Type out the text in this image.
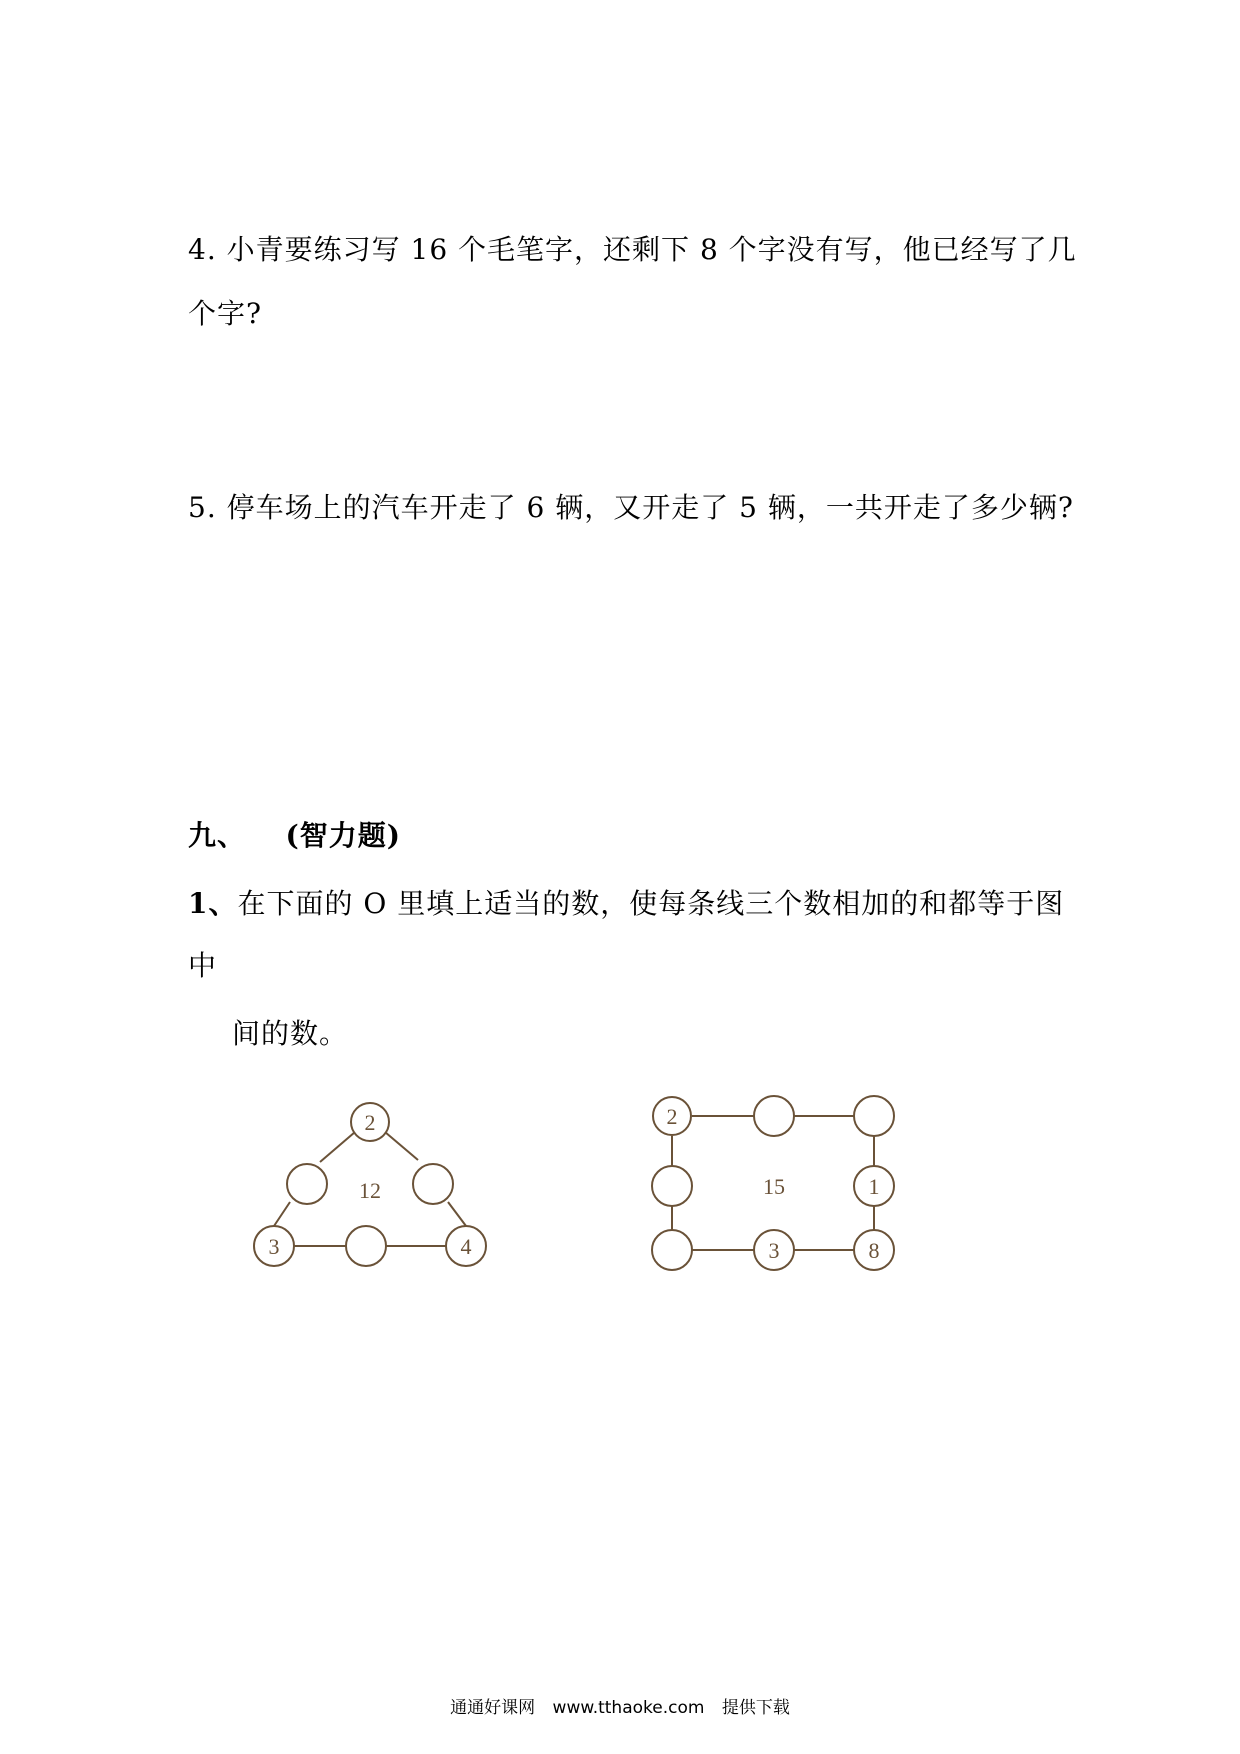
4. 小青要练习写 16 个毛笔字，还剩下 8 个字没有写，他已经写了几
个字?
5. 停车场上的汽车开走了 6 辆，又开走了 5 辆，一共开走了多少辆?
九、 (智力题)
1、在下面的 O 里填上适当的数，使每条线三个数相加的和都等于图
中
间的数。
2
12
3	4
2
15	1
3	8
通通好课网 www.tthaoke.com 提供下载
